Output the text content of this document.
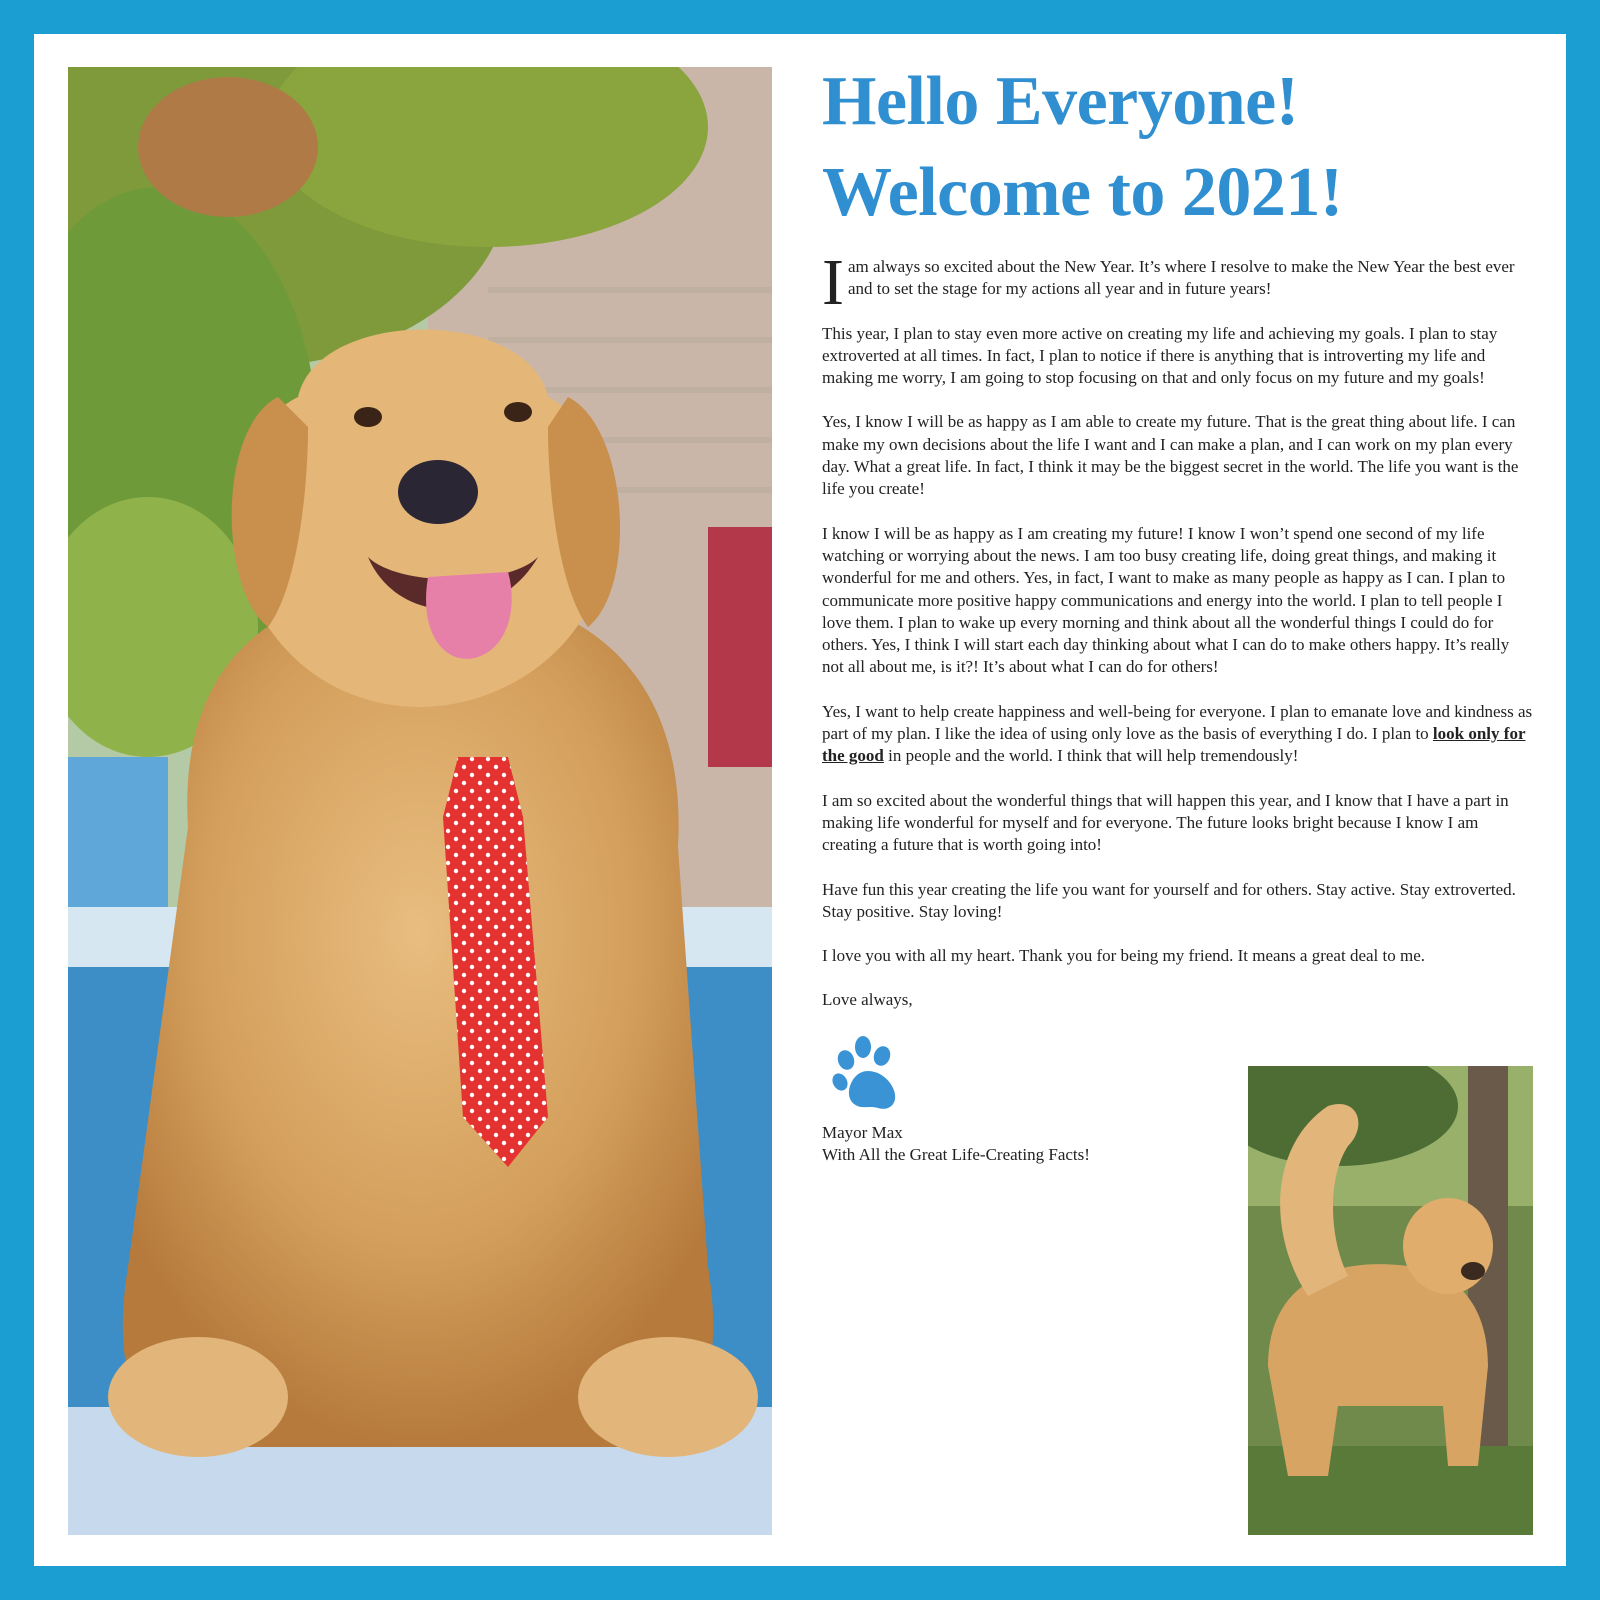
Hello Everyone!
Welcome to 2021!

I am always so excited about the New Year. It’s where I resolve to make the New Year the best ever and to set the stage for my actions all year and in future years!

This year, I plan to stay even more active on creating my life and achieving my goals. I plan to stay extroverted at all times. In fact, I plan to notice if there is anything that is introverting my life and making me worry, I am going to stop focusing on that and only focus on my future and my goals!

Yes, I know I will be as happy as I am able to create my future. That is the great thing about life. I can make my own decisions about the life I want and I can make a plan, and I can work on my plan every day. What a great life. In fact, I think it may be the biggest secret in the world. The life you want is the life you create!

I know I will be as happy as I am creating my future! I know I won’t spend one second of my life watching or worrying about the news. I am too busy creating life, doing great things, and making it wonderful for me and others. Yes, in fact, I want to make as many people as happy as I can. I plan to communicate more positive happy communications and energy into the world. I plan to tell people I love them. I plan to wake up every morning and think about all the wonderful things I could do for others. Yes, I think I will start each day thinking about what I can do to make others happy. It’s really not all about me, is it?! It’s about what I can do for others!

Yes, I want to help create happiness and well-being for everyone. I plan to emanate love and kindness as part of my plan. I like the idea of using only love as the basis of everything I do. I plan to look only for the good in people and the world. I think that will help tremendously!

I am so excited about the wonderful things that will happen this year, and I know that I have a part in making life wonderful for myself and for everyone. The future looks bright because I know I am creating a future that is worth going into!

Have fun this year creating the life you want for yourself and for others. Stay active. Stay extroverted. Stay positive. Stay loving!

I love you with all my heart. Thank you for being my friend. It means a great deal to me.

Love always,

Mayor Max
With All the Great Life-Creating Facts!
